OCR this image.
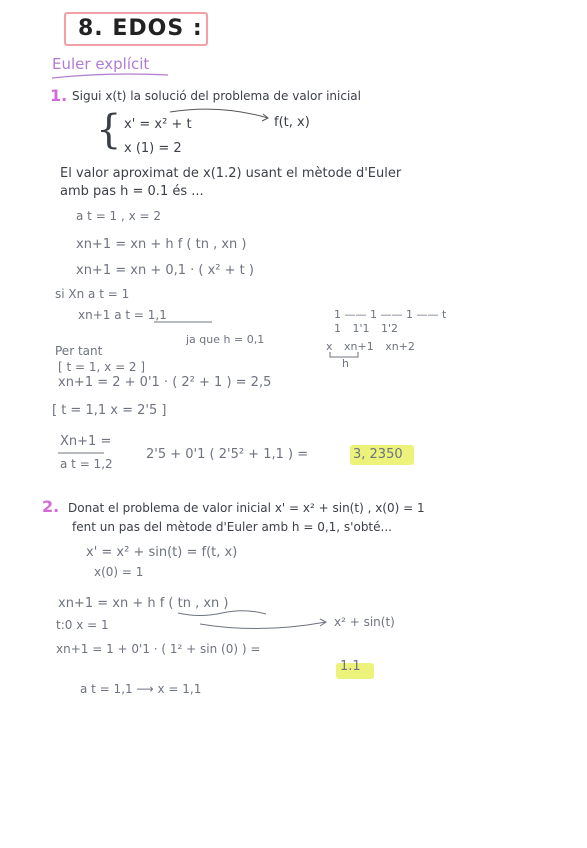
8. EDOS :
Euler explícit
1. Sigui x(t) la solució del problema de valor inicial
{ x' = x² + t	f(t, x)
x (1) = 2
El valor aproximat de x(1.2) usant el mètode d'Euler
amb pas h = 0.1 és ...
a t = 1 , x = 2
xn+1 = xn + h f ( tn , xn )
xn+1 = xn + 0,1 · ( x² + t )
si Xn a t = 1
xn+1 a t = 1,1
ja que h = 0,1
1 —— 1 —— 1 —— t
1 1'1 1'2
x xn+1 xn+2
h
Per tant
[ t = 1, x = 2 ]
xn+1 = 2 + 0'1 · ( 2² + 1 ) = 2,5
[ t = 1,1 x = 2'5 ]
Xn+1 =
2'5 + 0'1 ( 2'5² + 1,1 ) =	3, 2350
a t = 1,2
2. Donat el problema de valor inicial x' = x² + sin(t) , x(0) = 1
fent un pas del mètode d'Euler amb h = 0,1, s'obté...
x' = x² + sin(t) = f(t, x)
x(0) = 1
xn+1 = xn + h f ( tn , xn )
t:0 x = 1	x² + sin(t)
xn+1 = 1 + 0'1 · ( 1² + sin (0) ) =
1.1
a t = 1,1 ⟶ x = 1,1
